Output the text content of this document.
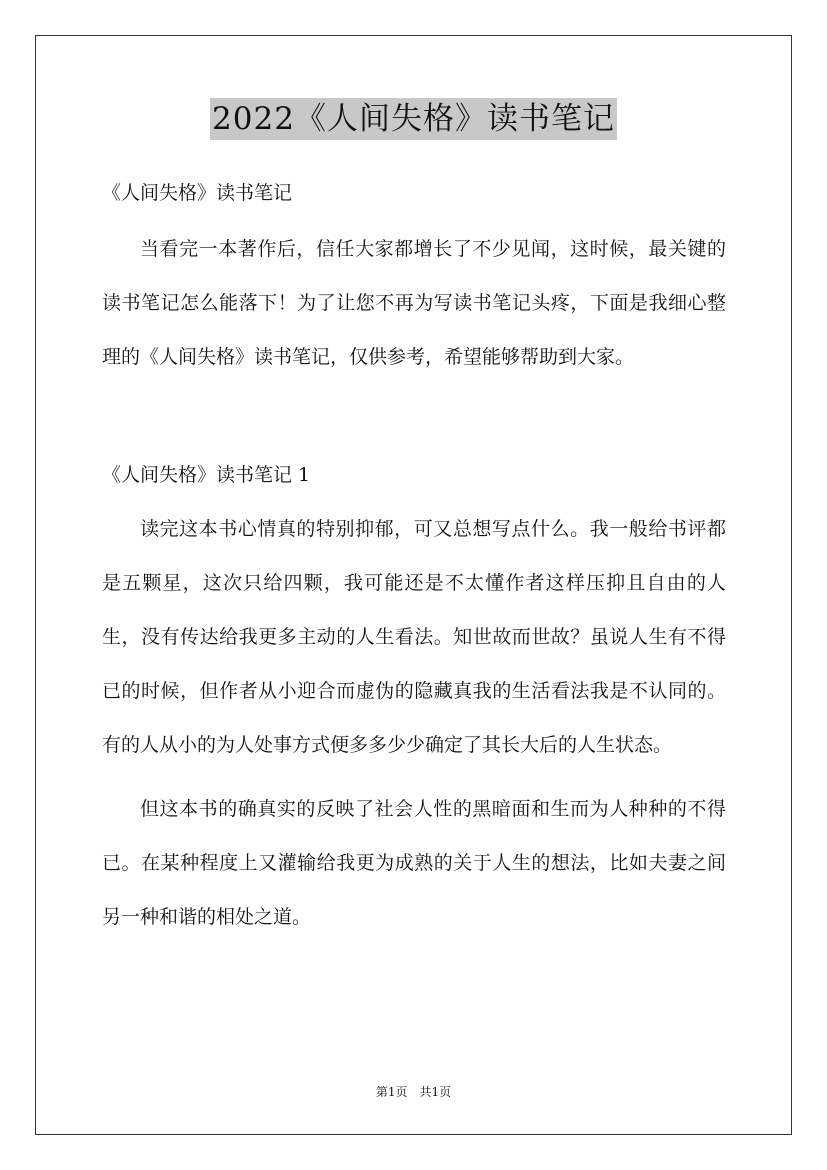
2022《人间失格》读书笔记

《人间失格》读书笔记

当看完一本著作后，信任大家都增长了不少见闻，这时候，最关键的读书笔记怎么能落下！为了让您不再为写读书笔记头疼，下面是我细心整理的《人间失格》读书笔记，仅供参考，希望能够帮助到大家。

《人间失格》读书笔记 1

读完这本书心情真的特别抑郁，可又总想写点什么。我一般给书评都是五颗星，这次只给四颗，我可能还是不太懂作者这样压抑且自由的人生，没有传达给我更多主动的人生看法。知世故而世故？虽说人生有不得已的时候，但作者从小迎合而虚伪的隐藏真我的生活看法我是不认同的。有的人从小的为人处事方式便多多少少确定了其长大后的人生状态。

但这本书的确真实的反映了社会人性的黑暗面和生而为人种种的不得已。在某种程度上又灌输给我更为成熟的关于人生的想法，比如夫妻之间另一种和谐的相处之道。

第1页 共1页
